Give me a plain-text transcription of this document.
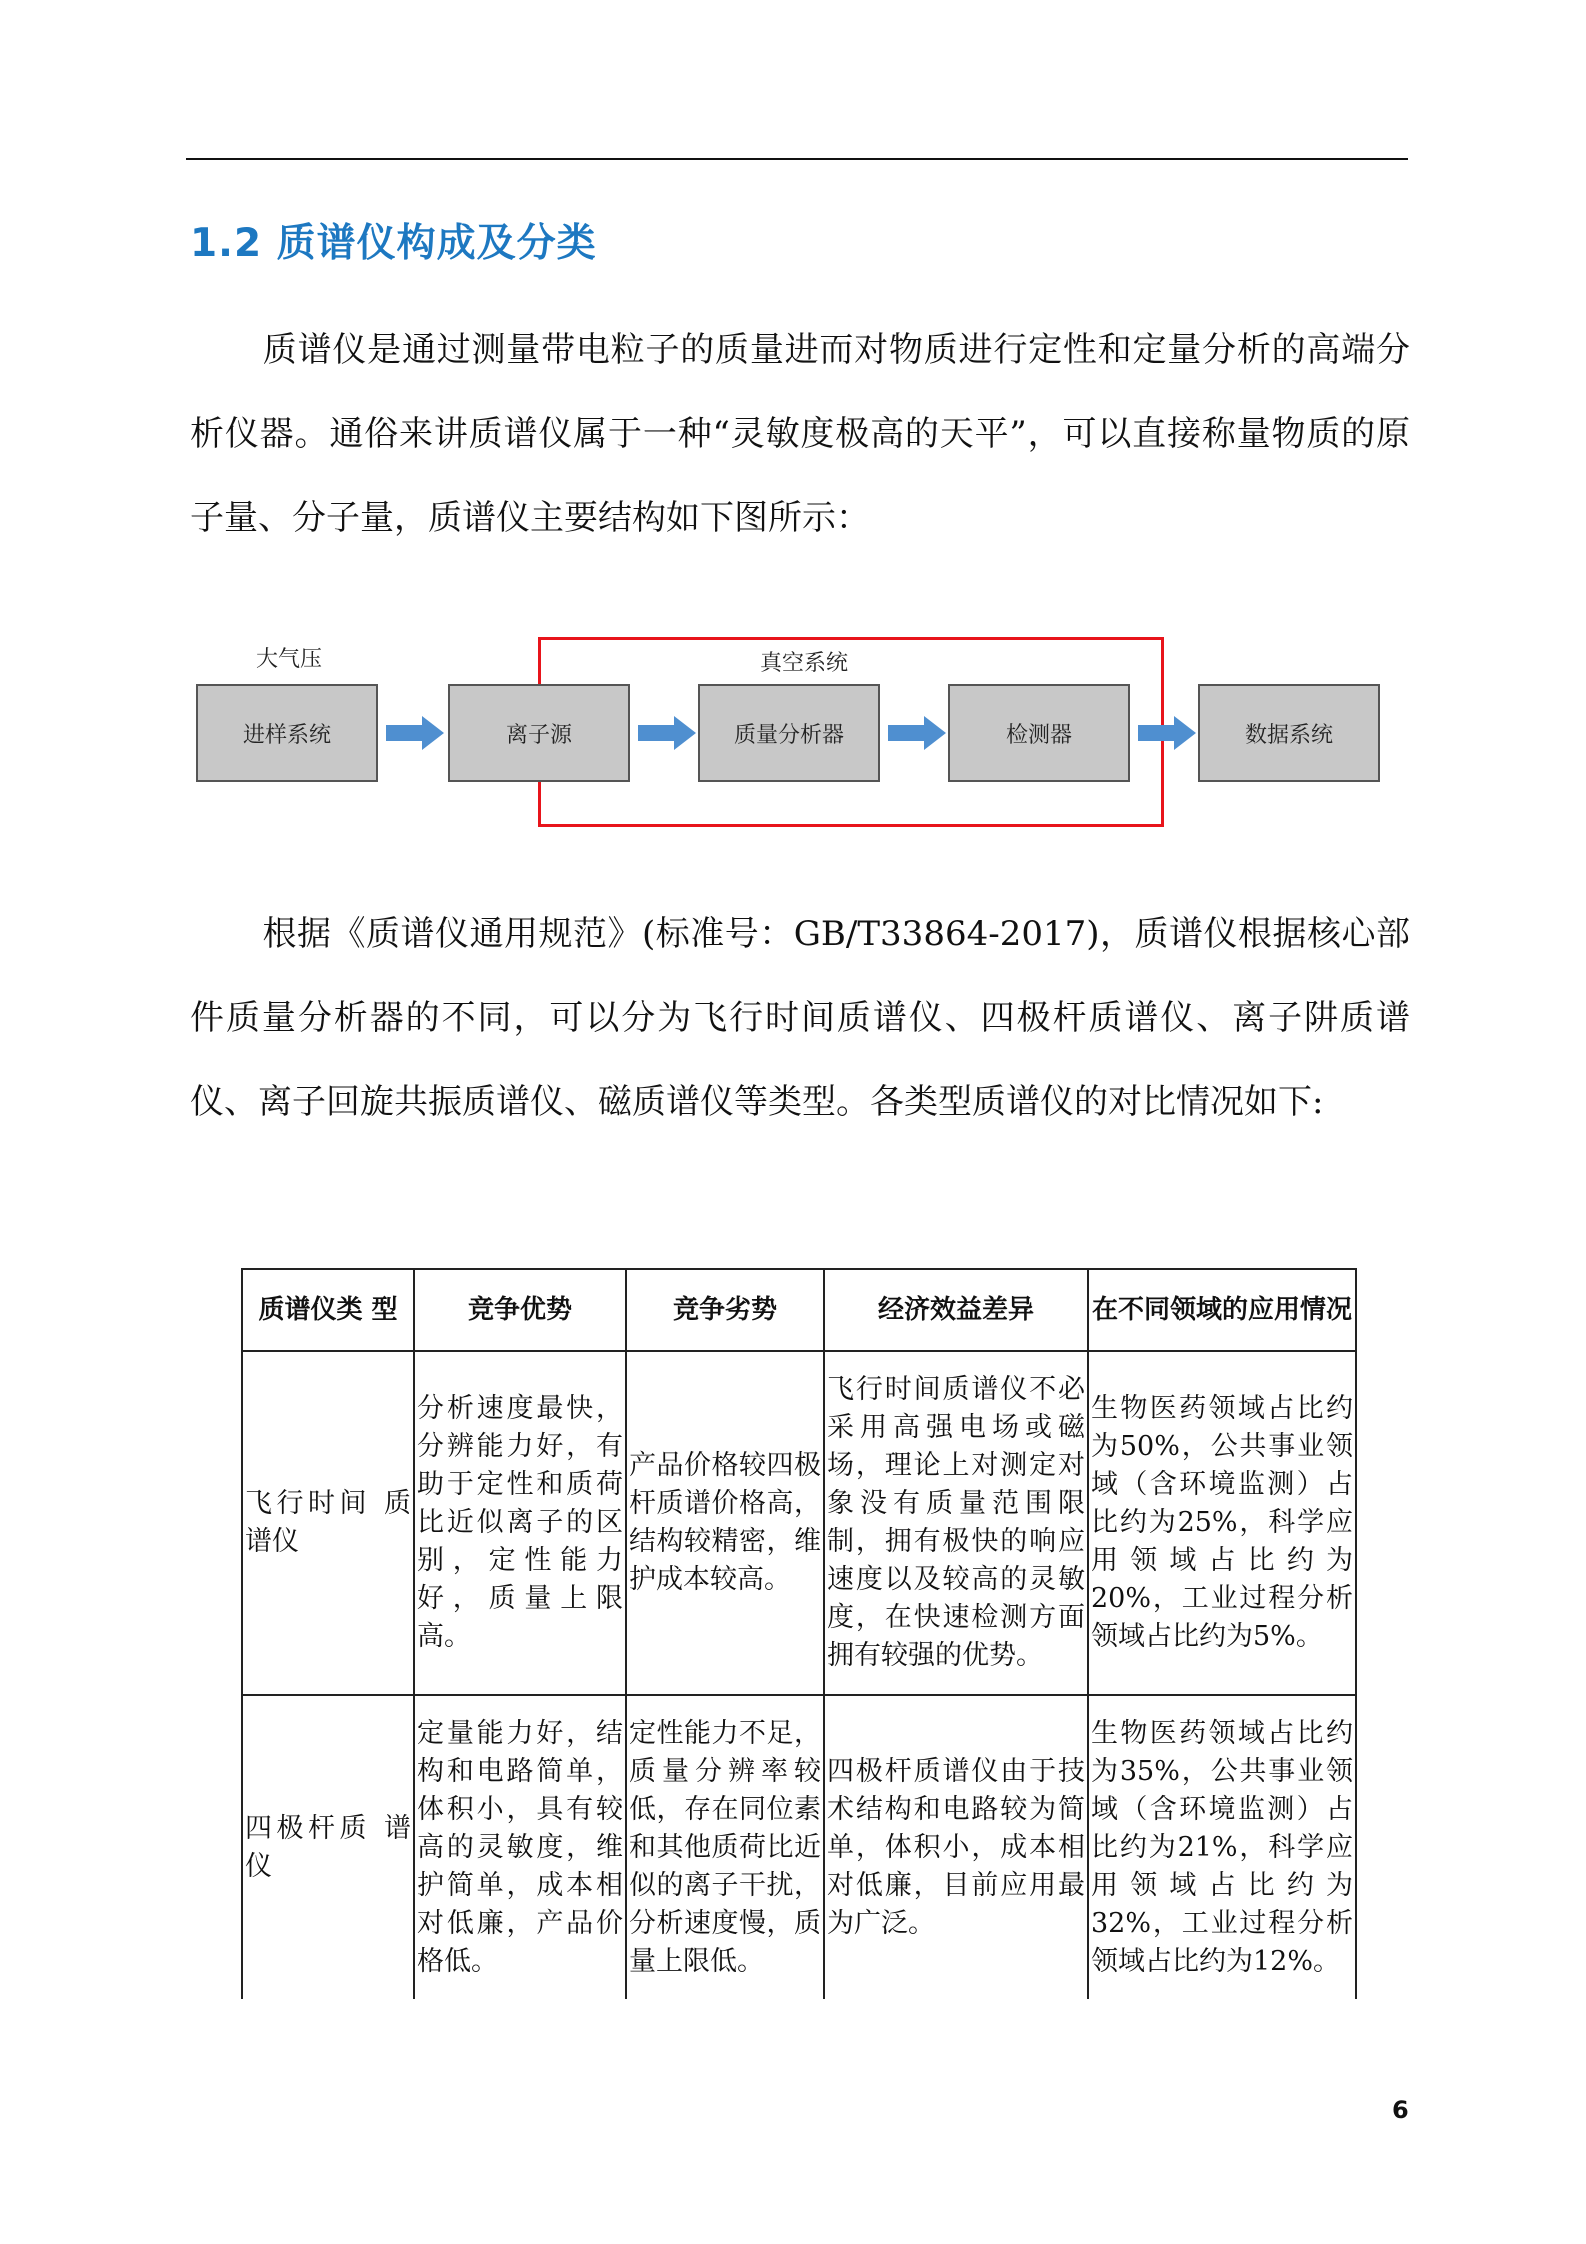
1.2 质谱仪构成及分类

质谱仪是通过测量带电粒子的质量进而对物质进行定性和定量分析的高端分析仪器。通俗来讲质谱仪属于一种“灵敏度极高的天平”，可以直接称量物质的原子量、分子量，质谱仪主要结构如下图所示：

大气压	真空系统
进样系统	离子源	质量分析器	检测器	数据系统

根据《质谱仪通用规范》(标准号：GB/T33864-2017)，质谱仪根据核心部件质量分析器的不同，可以分为飞行时间质谱仪、四极杆质谱仪、离子阱质谱仪、离子回旋共振质谱仪、磁质谱仪等类型。各类型质谱仪的对比情况如下:

质谱仪类 型	竞争优势	竞争劣势	经济效益差异	在不同领域的应用情况
飞行时间 质谱仪	分析速度最快，分辨能力好，有助于定性和质荷比近似离子的区别，定性能力好，质量上限高。	产品价格较四极杆质谱价格高，结构较精密，维护成本较高。	飞行时间质谱仪不必采用高强电场或磁场，理论上对测定对象没有质量范围限制，拥有极快的响应速度以及较高的灵敏度，在快速检测方面拥有较强的优势。	生物医药领域占比约为50%，公共事业领域（含环境监测）占比约为25%，科学应用领域占比约为20%，工业过程分析领域占比约为5%。
四极杆质 谱仪	定量能力好，结构和电路简单，体积小，具有较高的灵敏度，维护简单，成本相对低廉，产品价格低。	定性能力不足，质量分辨率较低，存在同位素和其他质荷比近似的离子干扰，分析速度慢，质量上限低。	四极杆质谱仪由于技术结构和电路较为简单，体积小，成本相对低廉，目前应用最为广泛。	生物医药领域占比约为35%，公共事业领域（含环境监测）占比约为21%，科学应用领域占比约为32%，工业过程分析领域占比约为12%。
6
